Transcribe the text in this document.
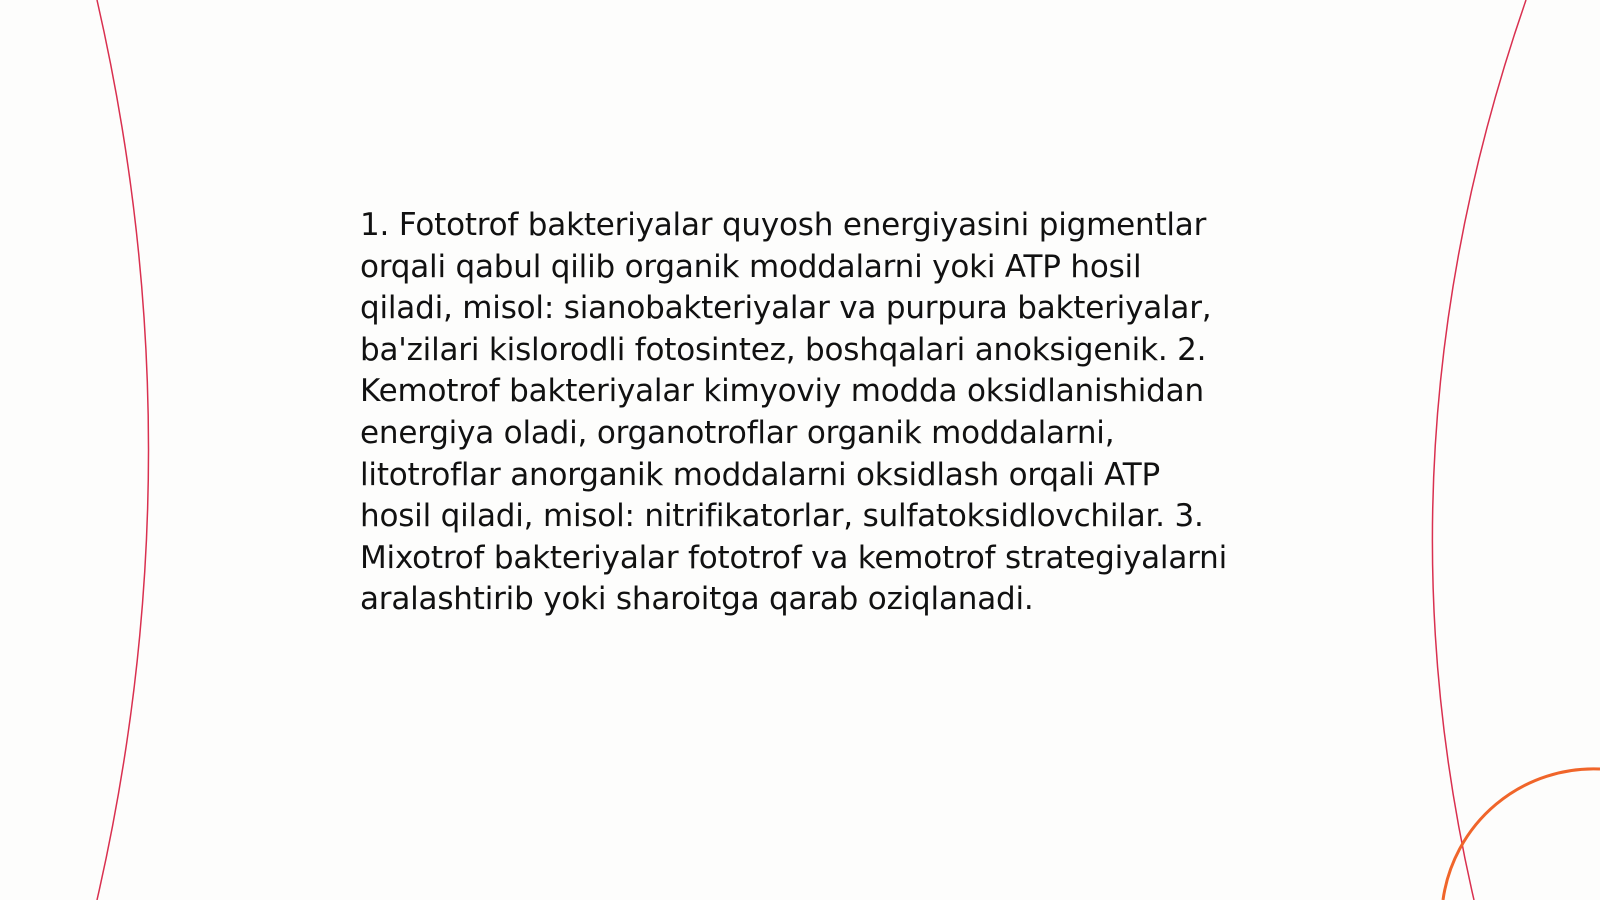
1. Fototrof bakteriyalar quyosh energiyasini pigmentlar orqali qabul qilib organik moddalarni yoki ATP hosil qiladi, misol: sianobakteriyalar va purpura bakteriyalar, ba'zilari kislorodli fotosintez, boshqalari anoksigenik. 2. Kemotrof bakteriyalar kimyoviy modda oksidlanishidan energiya oladi, organotroflar organik moddalarni, litotroflar anorganik moddalarni oksidlash orqali ATP hosil qiladi, misol: nitrifikatorlar, sulfatoksidlovchilar. 3. Mixotrof bakteriyalar fototrof va kemotrof strategiyalarni aralashtirib yoki sharoitga qarab oziqlanadi.
